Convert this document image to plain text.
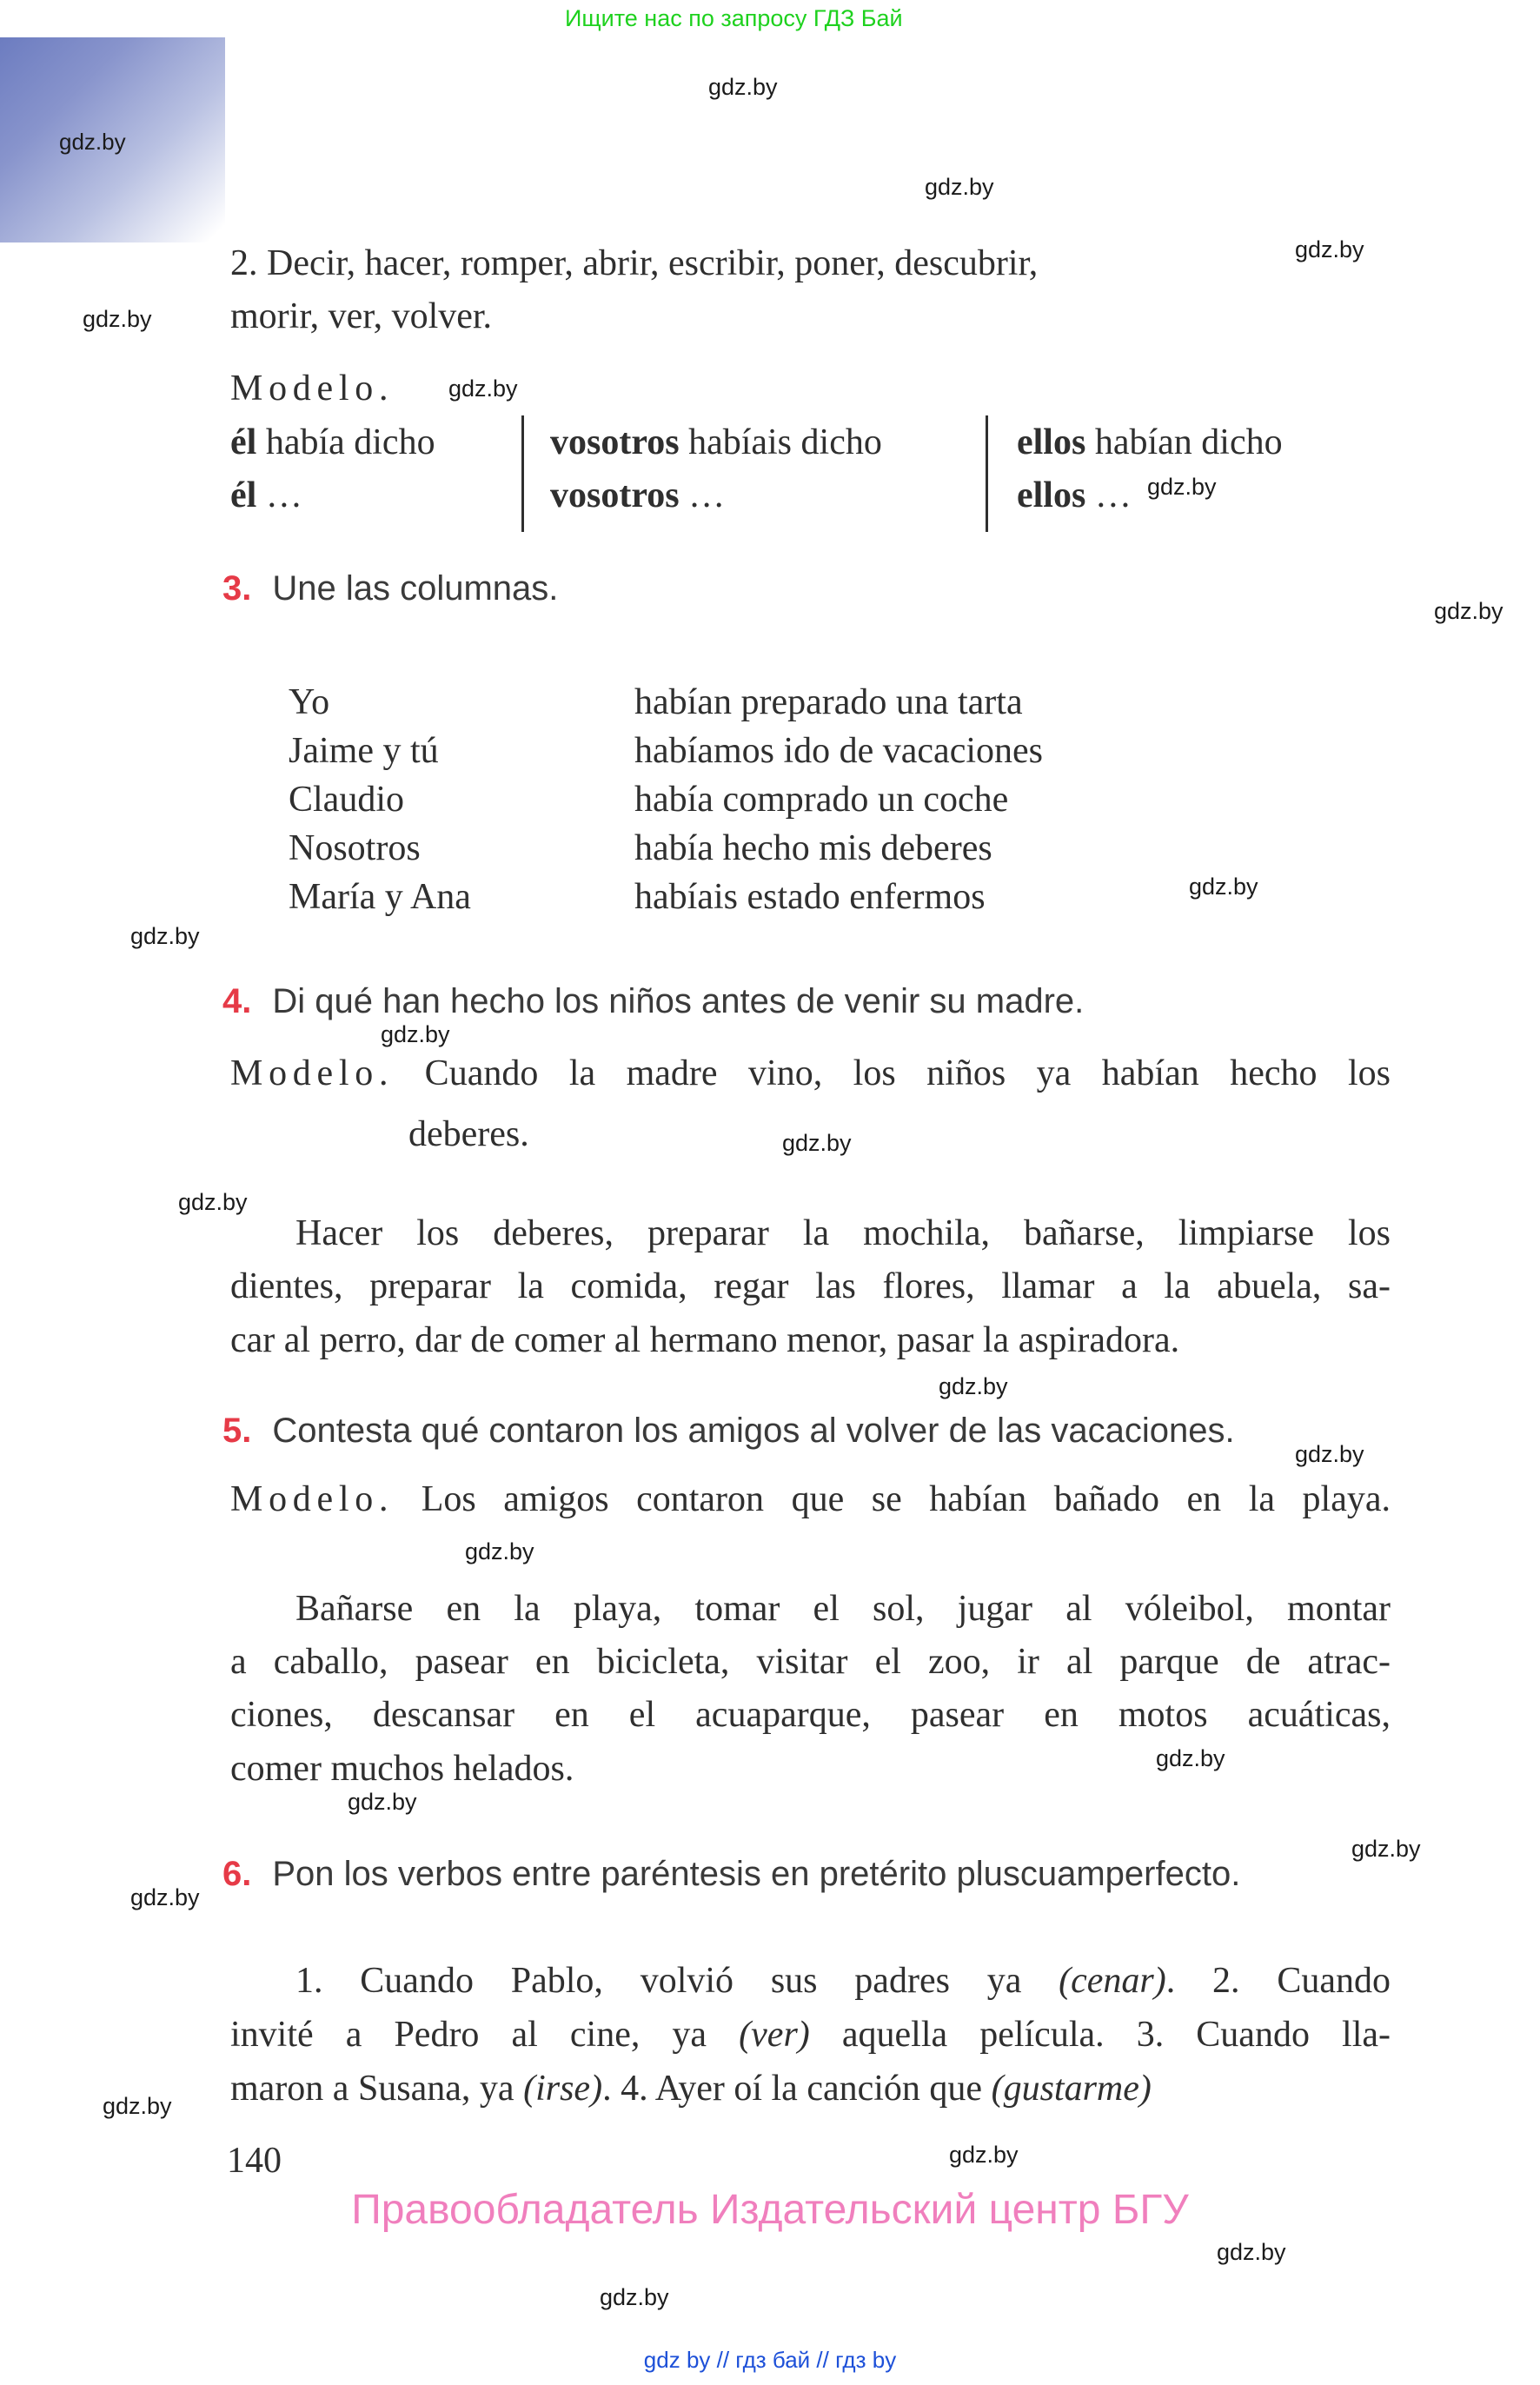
Ищите нас по запросу ГДЗ Бай
gdz.by
gdz.by
gdz.by
gdz.by
gdz.by
gdz.by
gdz.by
gdz.by
gdz.by
gdz.by
gdz.by
gdz.by
gdz.by
gdz.by
gdz.by
gdz.by
gdz.by
gdz.by
gdz.by
gdz.by
gdz.by
gdz.by
gdz.by
gdz.by
2. Decir, hacer, romper, abrir, escribir, poner, descubrir,
morir, ver, volver.
Modelo.
él había dicho
él …
vosotros habíais dicho
vosotros …
ellos habían dicho
ellos …
3. Une las columnas.
Yo
Jaime y tú
Claudio
Nosotros
María y Ana
habían preparado una tarta
habíamos ido de vacaciones
había comprado un coche
había hecho mis deberes
habíais estado enfermos
4. Di qué han hecho los niños antes de venir su madre.
Modelo. Cuando la madre vino, los niños ya habían hecho los
deberes.
Hacer los deberes, preparar la mochila, bañarse, limpiarse los
dientes, preparar la comida, regar las flores, llamar a la abuela, sa-
car al perro, dar de comer al hermano menor, pasar la aspiradora.
5. Contesta qué contaron los amigos al volver de las vacaciones.
Modelo. Los amigos contaron que se habían bañado en la playa.
Bañarse en la playa, tomar el sol, jugar al vóleibol, montar
a caballo, pasear en bicicleta, visitar el zoo, ir al parque de atrac-
ciones, descansar en el acuaparque, pasear en motos acuáticas,
comer muchos helados.
6. Pon los verbos entre paréntesis en pretérito pluscuamperfecto.
1. Cuando Pablo, volvió sus padres ya (cenar). 2. Cuando
invité a Pedro al cine, ya (ver) aquella película. 3. Cuando lla-
maron a Susana, ya (irse). 4. Ayer oí la canción que (gustarme)
140
Правообладатель Издательский центр БГУ
gdz by // гдз бай // гдз by
